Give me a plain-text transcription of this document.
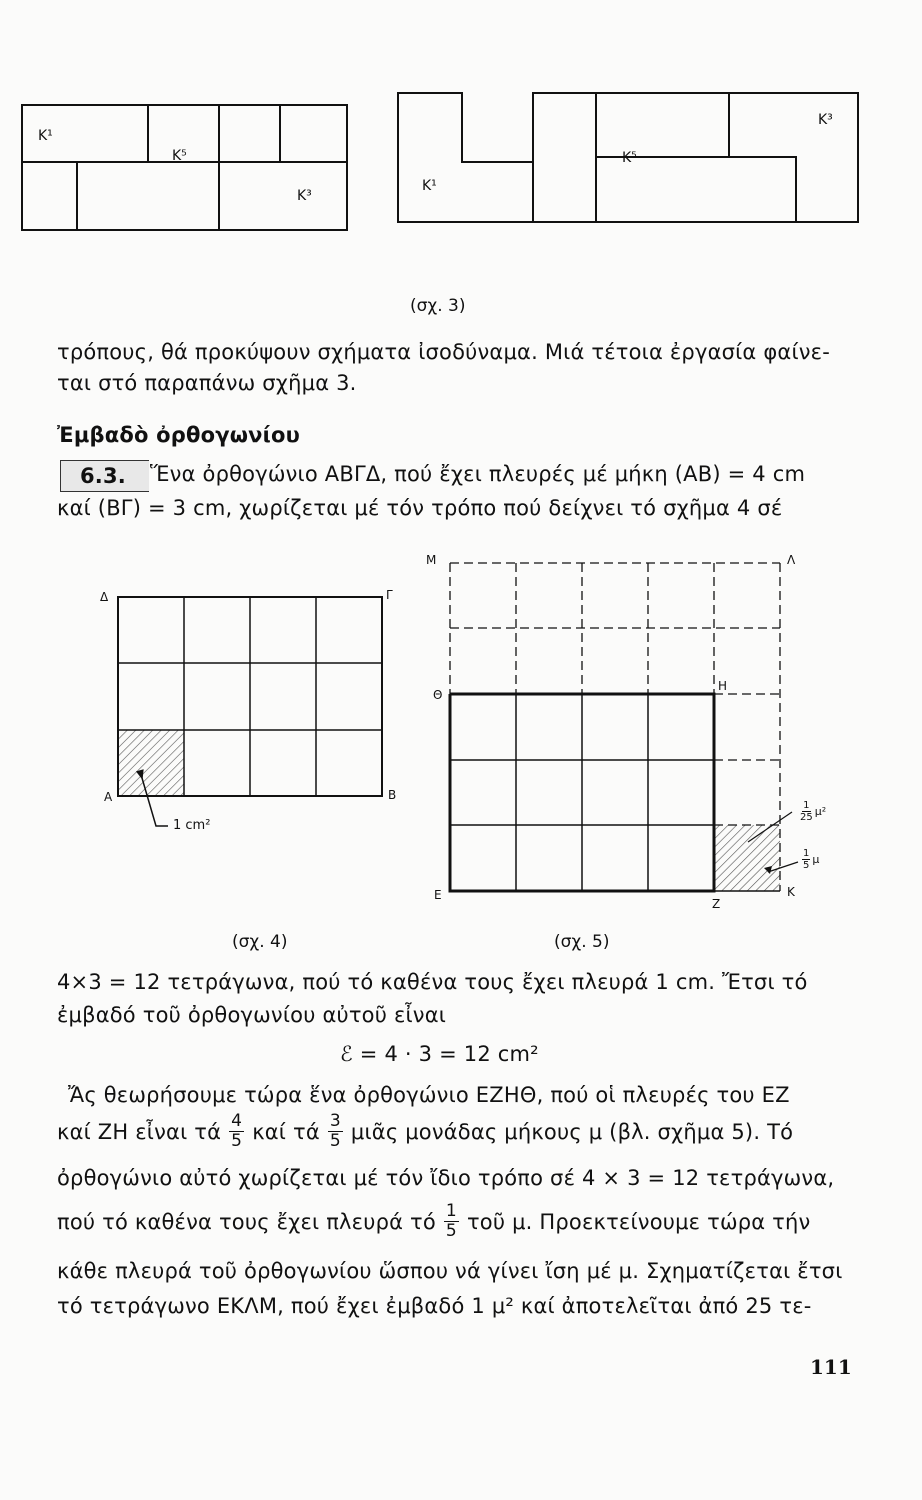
Κ¹
Κ⁵
Κ³
Κ¹
Κ⁵
Κ³
(σχ. 3)
τρόπους, θά προκύψουν σχήματα ἰσοδύναμα. Μιά τέτοια ἐργασία φαίνε-
ται στό παραπάνω σχῆμα 3.
Ἐμβαδὸ ὀρθογωνίου
6.3. Ἕνα ὀρθογώνιο ΑΒΓΔ, πού ἔχει πλευρές μέ μήκη (ΑΒ) = 4 cm
καί (ΒΓ) = 3 cm, χωρίζεται μέ τόν τρόπο πού δείχνει τό σχῆμα 4 σέ
Δ	Γ
Α	Β
1 cm²
(σχ. 4)
Μ	Λ
Θ
Η
Ε
Ζ
Κ
$\frac{1}{25} \mu^2$
$\frac{1}{5}$ μ
(σχ. 5)
4×3 = 12 τετράγωνα, πού τό καθένα τους ἔχει πλευρά 1 cm. Ἔτσι τό
ἐμβαδό τοῦ ὀρθογωνίου αὐτοῦ εἶναι
ℰ = 4 · 3 = 12 cm²
Ἄς θεωρήσουμε τώρα ἕνα ὀρθογώνιο ΕΖΗΘ, πού οἱ πλευρές του ΕΖ
καί ΖΗ εἶναι τά $\frac{4}{5}$ καί τά $\frac{3}{5}$ μιᾶς μονάδας μήκους μ (βλ. σχῆμα 5). Τό
ὀρθογώνιο αὐτό χωρίζεται μέ τόν ἴδιο τρόπο σέ 4 × 3 = 12 τετράγωνα,
πού τό καθένα τους ἔχει πλευρά τό $\frac{1}{5}$ τοῦ μ. Προεκτείνουμε τώρα τήν
κάθε πλευρά τοῦ ὀρθογωνίου ὥσπου νά γίνει ἴση μέ μ. Σχηματίζεται ἔτσι
τό τετράγωνο ΕΚΛΜ, πού ἔχει ἐμβαδό 1 μ² καί ἀποτελεῖται ἀπό 25 τε-
111
